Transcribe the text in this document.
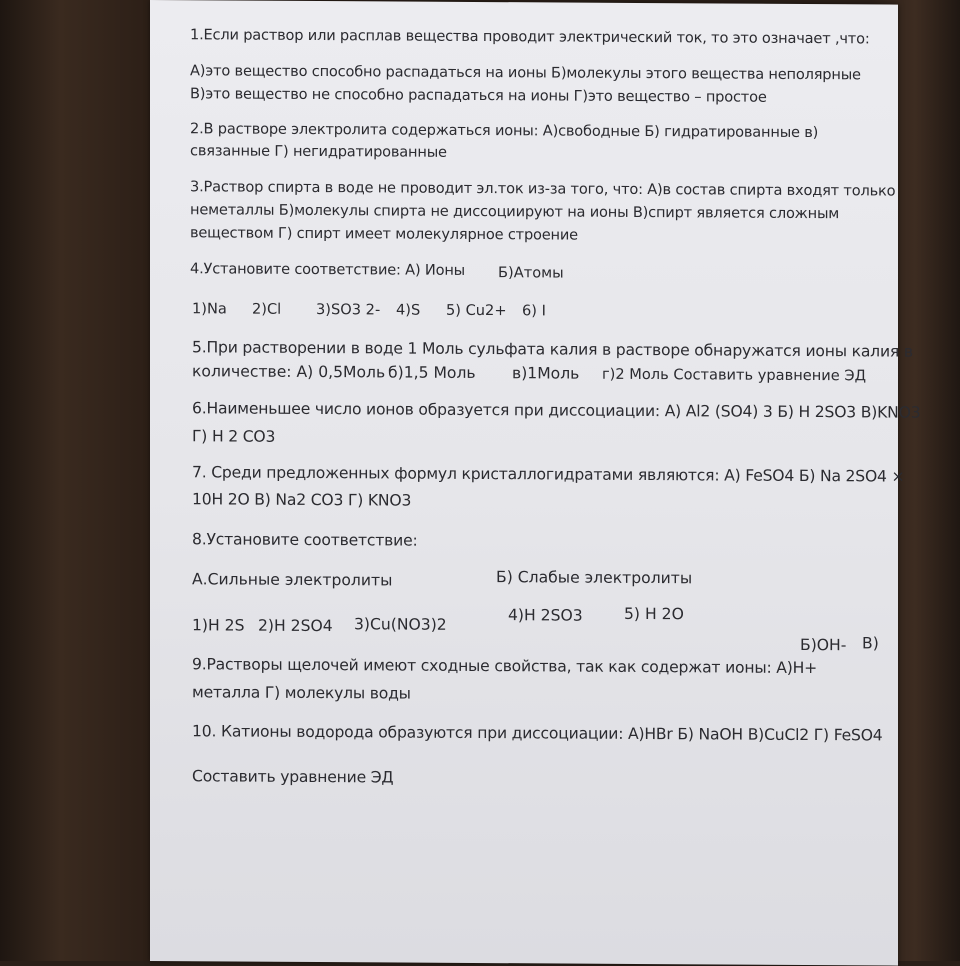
1.Если раствор или расплав вещества проводит электрический ток, то это означает ,что:
А)это вещество способно распадаться на ионы Б)молекулы этого вещества неполярные
В)это вещество не способно распадаться на ионы Г)это вещество – простое
2.В растворе электролита содержаться ионы: А)свободные Б) гидратированные в)
связанные Г) негидратированные
3.Раствор спирта в воде не проводит эл.ток из-за того, что: А)в состав спирта входят только
неметаллы Б)молекулы спирта не диссоциируют на ионы В)спирт является сложным
веществом Г) спирт имеет молекулярное строение
4.Установите соответствие: А) Ионы Б)Атомы
1)Na 2)Cl 3)SO3 2- 4)S 5) Cu2+ 6) I
5.При растворении в воде 1 Моль сульфата калия в растворе обнаружатся ионы калия в
количестве: А) 0,5Моль б)1,5 Моль в)1Моль г)2 Моль Составить уравнение ЭД
6.Наименьшее число ионов образуется при диссоциации: А) Al2 (SO4) 3 Б) H 2SO3 В)KNO3
Г) H 2 CO3
7. Среди предложенных формул кристаллогидратами являются: А) FeSO4 Б) Na 2SO4 ×
10H 2O В) Na2 CO3 Г) KNO3
8.Установите соответствие:
А.Сильные электролиты	Б) Слабые электролиты
1)H 2S 2)H 2SO4 3)Cu(NO3)2	4)H 2SO3	5) H 2O
9.Растворы щелочей имеют сходные свойства, так как содержат ионы: А)H+
Б)OH- В)
металла Г) молекулы воды
10. Катионы водорода образуются при диссоциации: А)HBr Б) NaOH В)CuCl2 Г) FeSO4
Составить уравнение ЭД
